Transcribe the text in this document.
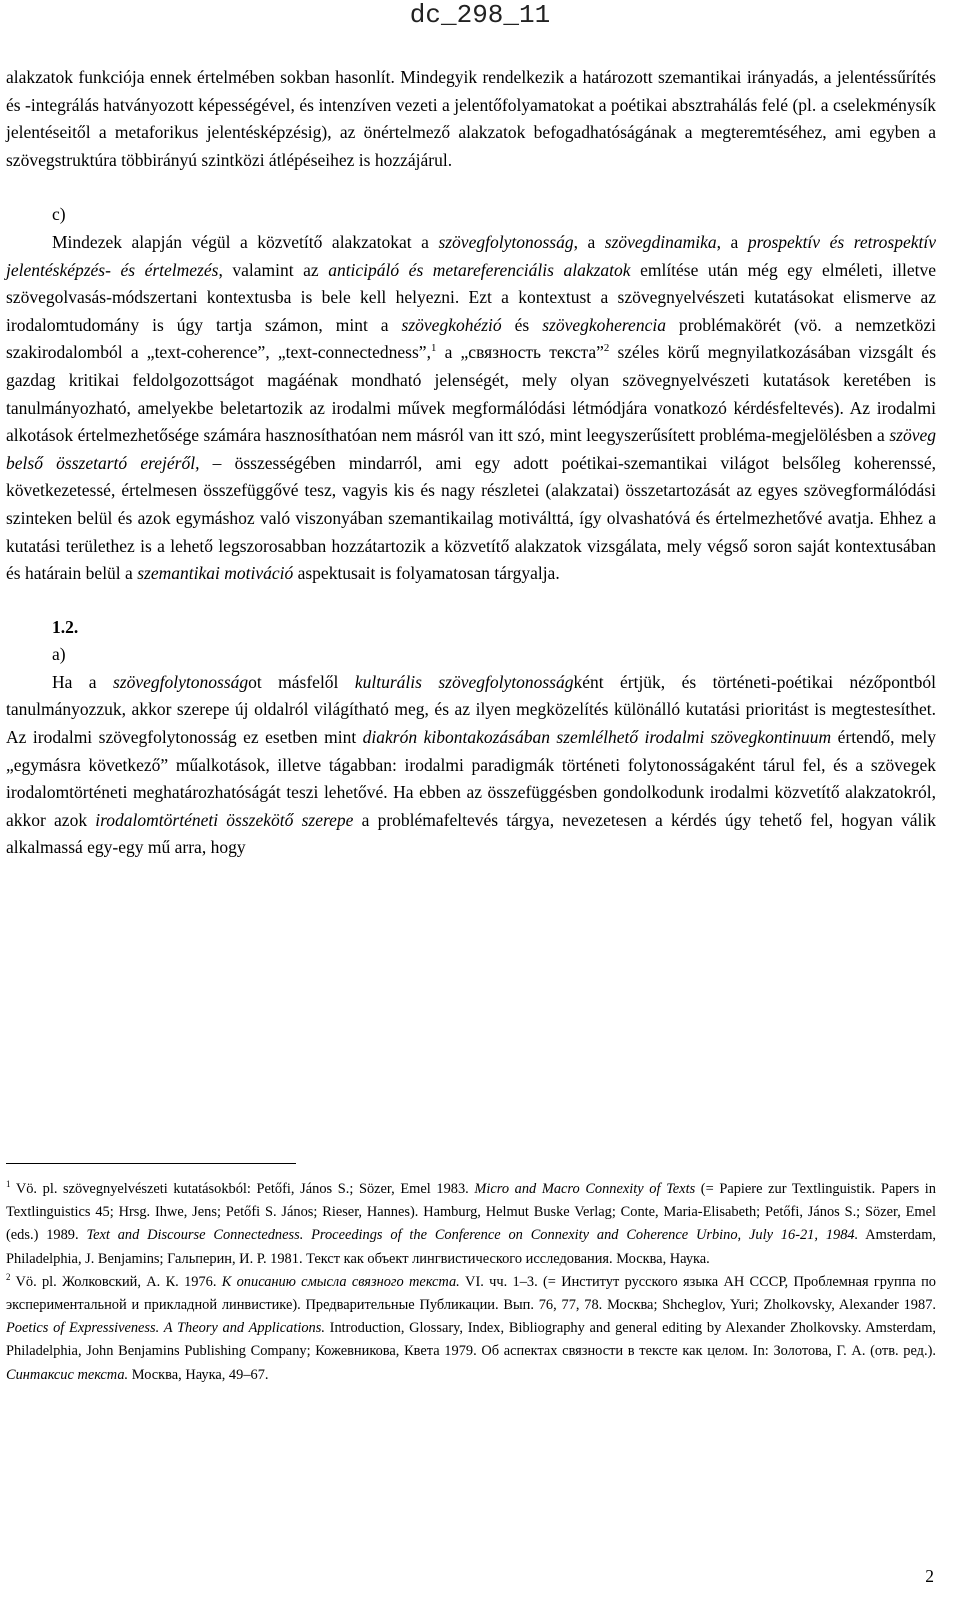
dc_298_11

alakzatok funkciója ennek értelmében sokban hasonlít. Mindegyik rendelkezik a határozott szemantikai irányadás, a jelentéssűrítés és -integrálás hatványozott képességével, és intenzíven vezeti a jelentőfolyamatokat a poétikai absztrahálás felé (pl. a cselekménysík jelentéseitől a metaforikus jelentésképzésig), az önértelmező alakzatok befogadhatóságának a megteremtéséhez, ami egyben a szövegstruktúra többirányú szintközi átlépéseihez is hozzájárul.

c)

Mindezek alapján végül a közvetítő alakzatokat a szövegfolytonosság, a szövegdinamika, a prospektív és retrospektív jelentésképzés- és értelmezés, valamint az anticipáló és metareferenciális alakzatok említése után még egy elméleti, illetve szövegolvasás-módszertani kontextusba is bele kell helyezni. Ezt a kontextust a szövegnyelvészeti kutatásokat elismerve az irodalomtudomány is úgy tartja számon, mint a szövegkohézió és szövegkoherencia problémakörét (vö. a nemzetközi szakirodalomból a „text-coherence”, „text-connectedness”,$^1$ a „связность текста”$^2$ széles körű megnyilatkozásában vizsgált és gazdag kritikai feldolgozottságot magáénak mondható jelenségét, mely olyan szövegnyelvészeti kutatások keretében is tanulmányozható, amelyekbe beletartozik az irodalmi művek megformálódási létmódjára vonatkozó kérdésfeltevés). Az irodalmi alkotások értelmezhetősége számára hasznosíthatóan nem másról van itt szó, mint leegyszerűsített probléma-megjelölésben a szöveg belső összetartó erejéről, – összességében mindarról, ami egy adott poétikai-szemantikai világot belsőleg koherenssé, következetessé, értelmesen összefüggővé tesz, vagyis kis és nagy részletei (alakzatai) összetartozását az egyes szövegformálódási szinteken belül és azok egymáshoz való viszonyában szemantikailag motiválttá, így olvashatóvá és értelmezhetővé avatja. Ehhez a kutatási területhez is a lehető legszorosabban hozzátartozik a közvetítő alakzatok vizsgálata, mely végső soron saját kontextusában és határain belül a szemantikai motiváció aspektusait is folyamatosan tárgyalja.

1.2.
a)

Ha a szövegfolytonosságot másfelől kulturális szövegfolytonosságként értjük, és történeti-poétikai nézőpontból tanulmányozzuk, akkor szerepe új oldalról világítható meg, és az ilyen megközelítés különálló kutatási prioritást is megtestesíthet. Az irodalmi szövegfolytonosság ez esetben mint diakrón kibontakozásában szemlélhető irodalmi szövegkontinuum értendő, mely „egymásra következő” műalkotások, illetve tágabban: irodalmi paradigmák történeti folytonosságaként tárul fel, és a szövegek irodalomtörténeti meghatározhatóságát teszi lehetővé. Ha ebben az összefüggésben gondolkodunk irodalmi közvetítő alakzatokról, akkor azok irodalomtörténeti összekötő szerepe a problémafeltevés tárgya, nevezetesen a kérdés úgy tehető fel, hogyan válik alkalmassá egy-egy mű arra, hogy

$^1$ Vö. pl. szövegnyelvészeti kutatásokból: Petőfi, János S.; Sözer, Emel 1983. Micro and Macro Connexity of Texts (= Papiere zur Textlinguistik. Papers in Textlinguistics 45; Hrsg. Ihwe, Jens; Petőfi S. János; Rieser, Hannes). Hamburg, Helmut Buske Verlag; Conte, Maria-Elisabeth; Petőfi, János S.; Sözer, Emel (eds.) 1989. Text and Discourse Connectedness. Proceedings of the Conference on Connexity and Coherence Urbino, July 16-21, 1984. Amsterdam, Philadelphia, J. Benjamins; Гальперин, И. Р. 1981. Текст как объект лингвистического исследования. Москва, Наука.

$^2$ Vö. pl. Жолковский, А. К. 1976. К описанию смысла связного текста. VI. чч. 1–3. (= Институт русского языка АН СССР, Проблемная группа по экспериментальной и прикладной линвистике). Предварительные Публикации. Вып. 76, 77, 78. Москва; Shcheglov, Yuri; Zholkovsky, Alexander 1987. Poetics of Expressiveness. A Theory and Applications. Introduction, Glossary, Index, Bibliography and general editing by Alexander Zholkovsky. Amsterdam, Philadelphia, John Benjamins Publishing Company; Кожевникова, Квета 1979. Об аспектах связности в тексте как целом. In: Золотова, Г. А. (отв. ред.). Синтаксис текста. Москва, Наука, 49–67.

2
